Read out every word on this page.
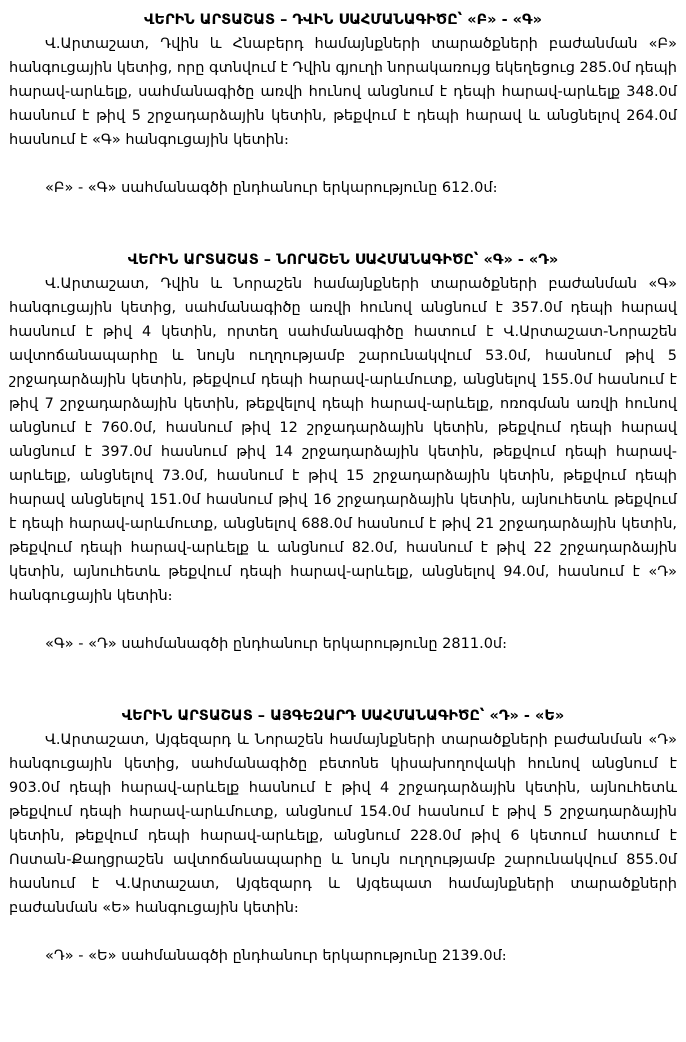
ՎԵՐԻՆ ԱՐՏԱՇԱՏ – ԴՎԻՆ ՍԱՀՄԱՆԱԳԻԾԸ՝ «Բ» - «Գ»

Վ.Արտաշատ, Դվին և Հնաբերդ համայնքների տարածքների բաժանման «Բ» հանգուցային կետից, որը գտնվում է Դվին գյուղի նորակառույց եկեղեցուց 285.0մ դեպի հարավ-արևելք, սահմանագիծը առվի հունով անցնում է դեպի հարավ-արևելք 348.0մ հասնում է թիվ 5 շրջադարձային կետին, թեքվում է դեպի հարավ և անցնելով 264.0մ հասնում է «Գ» հանգուցային կետին։

«Բ» - «Գ» սահմանագծի ընդհանուր երկարությունը 612.0մ։

ՎԵՐԻՆ ԱՐՏԱՇԱՏ – ՆՈՐԱՇԵՆ ՍԱՀՄԱՆԱԳԻԾԸ՝ «Գ» - «Դ»

Վ.Արտաշատ, Դվին և Նորաշեն համայնքների տարածքների բաժանման «Գ» հանգուցային կետից, սահմանագիծը առվի հունով անցնում է 357.0մ դեպի հարավ հասնում է թիվ 4 կետին, որտեղ սահմանագիծը հատում է Վ.Արտաշատ-Նորաշեն ավտոճանապարհը և նույն ուղղությամբ շարունակվում 53.0մ, հասնում թիվ 5 շրջադարձային կետին, թեքվում դեպի հարավ-արևմուտք, անցնելով 155.0մ հասնում է թիվ 7 շրջադարձային կետին, թեքվելով դեպի հարավ-արևելք, ոռոգման առվի հունով անցնում է 760.0մ, հասնում թիվ 12 շրջադարձային կետին, թեքվում դեպի հարավ անցնում է 397.0մ հասնում թիվ 14 շրջադարձային կետին, թեքվում դեպի հարավ-արևելք, անցնելով 73.0մ, հասնում է թիվ 15 շրջադարձային կետին, թեքվում դեպի հարավ անցնելով 151.0մ հասնում թիվ 16 շրջադարձային կետին, այնուհետև թեքվում է դեպի հարավ-արևմուտք, անցնելով 688.0մ հասնում է թիվ 21 շրջադարձային կետին, թեքվում դեպի հարավ-արևելք և անցնում 82.0մ, հասնում է թիվ 22 շրջադարձային կետին, այնուհետև թեքվում դեպի հարավ-արևելք, անցնելով 94.0մ, հասնում է «Դ» հանգուցային կետին։

«Գ» - «Դ» սահմանագծի ընդհանուր երկարությունը 2811.0մ։

ՎԵՐԻՆ ԱՐՏԱՇԱՏ – ԱՅԳԵԶԱՐԴ ՍԱՀՄԱՆԱԳԻԾԸ՝ «Դ» - «Ե»

Վ.Արտաշատ, Այգեզարդ և Նորաշեն համայնքների տարածքների բաժանման «Դ» հանգուցային կետից, սահմանագիծը բետոնե կիսախողովակի հունով անցնում է 903.0մ դեպի հարավ-արևելք հասնում է թիվ 4 շրջադարձային կետին, այնուհետև թեքվում դեպի հարավ-արևմուտք, անցնում 154.0մ հասնում է թիվ 5 շրջադարձային կետին, թեքվում դեպի հարավ-արևելք, անցնում 228.0մ թիվ 6 կետում հատում է Ոստան-Քաղցրաշեն ավտոճանապարհը և նույն ուղղությամբ շարունակվում 855.0մ հասնում է Վ.Արտաշատ, Այգեզարդ և Այգեպատ համայնքների տարածքների բաժանման «Ե» հանգուցային կետին։

«Դ» - «Ե» սահմանագծի ընդհանուր երկարությունը 2139.0մ։
